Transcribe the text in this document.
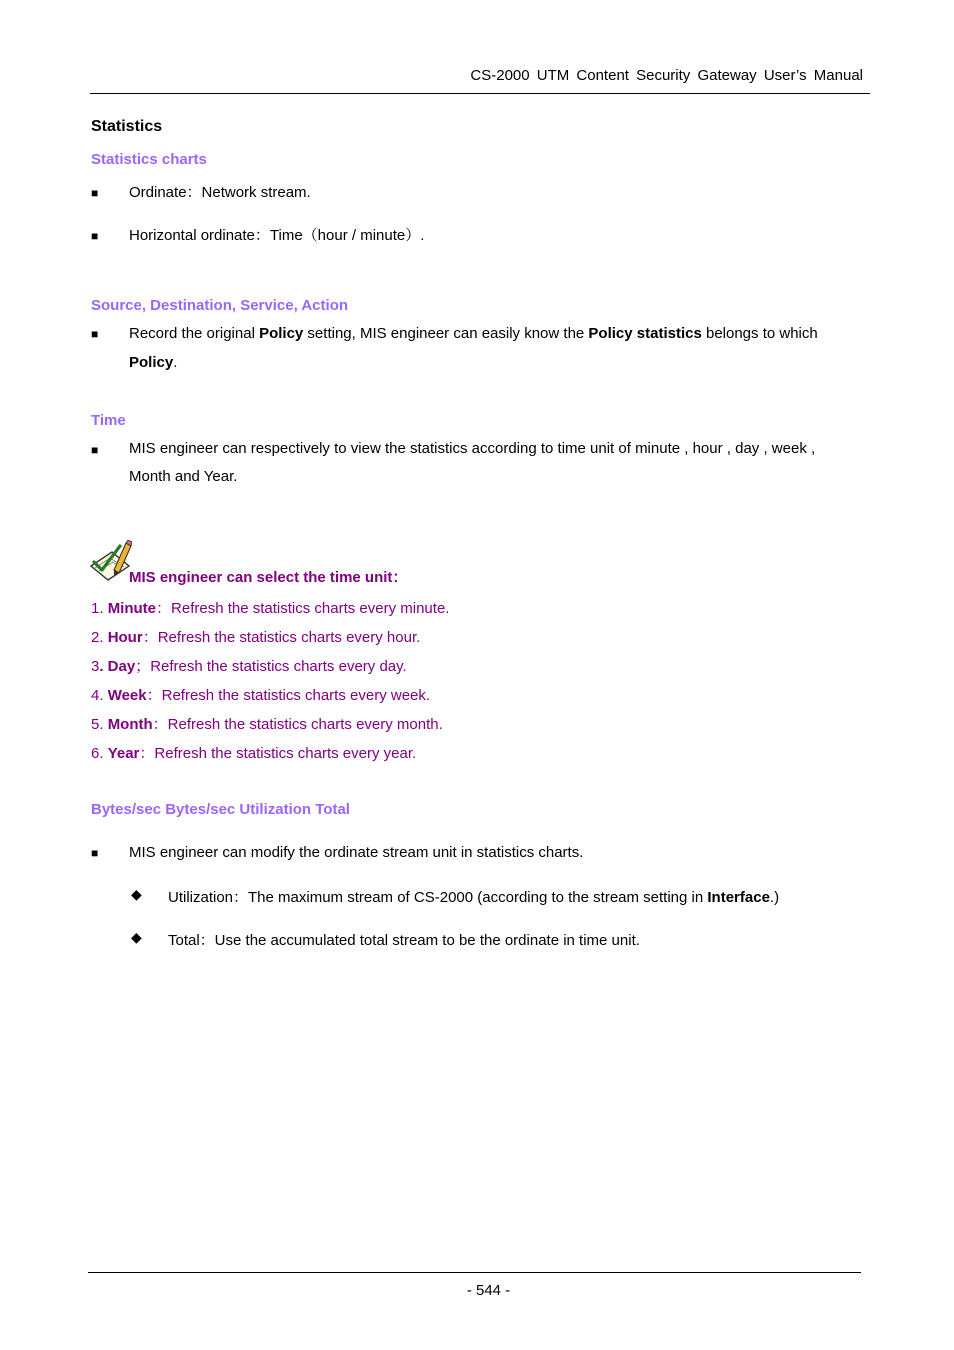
CS-2000 UTM Content Security Gateway User’s Manual
Statistics
Statistics charts
■ Ordinate：Network stream.
■ Horizontal ordinate：Time（hour / minute）.
Source, Destination, Service, Action
■ Record the original Policy setting, MIS engineer can easily know the Policy statistics belongs to which
Policy.
Time
■ MIS engineer can respectively to view the statistics according to time unit of minute , hour , day , week ,
Month and Year.
MIS engineer can select the time unit：
1. Minute：Refresh the statistics charts every minute.
2. Hour：Refresh the statistics charts every hour.
3. Day；Refresh the statistics charts every day.
4. Week：Refresh the statistics charts every week.
5. Month：Refresh the statistics charts every month.
6. Year：Refresh the statistics charts every year.
Bytes/sec Bytes/sec Utilization Total
■ MIS engineer can modify the ordinate stream unit in statistics charts.
◆ Utilization：The maximum stream of CS-2000 (according to the stream setting in Interface.)
◆ Total：Use the accumulated total stream to be the ordinate in time unit.
- 544 -
